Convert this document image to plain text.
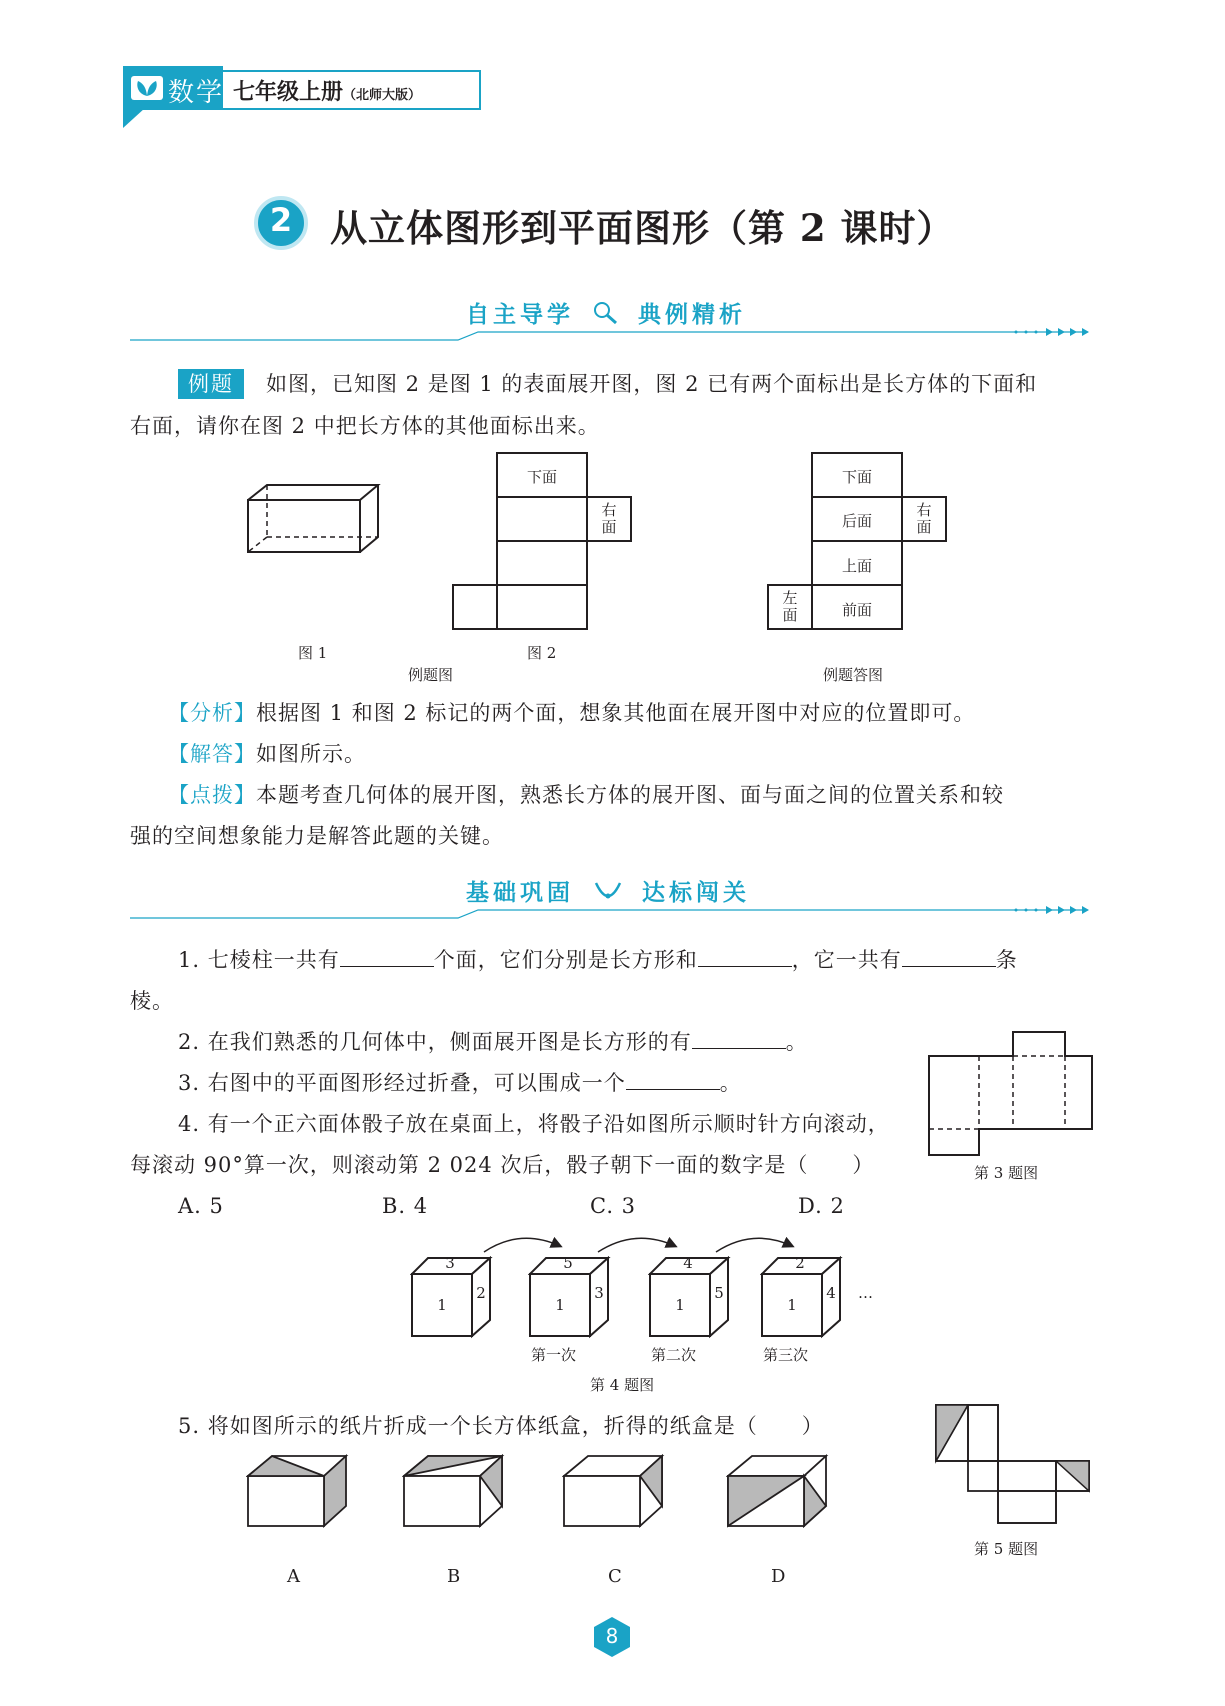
数学 七年级上册（北师大版）
2	从立体图形到平面图形（第 2 课时）
自主导学	典例精析
例题	如图，已知图 2 是图 1 的表面展开图，图 2 已有两个面标出是长方体的下面和
右面，请你在图 2 中把长方体的其他面标出来。
下面
右面
下面
后面
上面
前面
右面
左面
图 1	图 2
例题图	例题答图
【分析】根据图 1 和图 2 标记的两个面，想象其他面在展开图中对应的位置即可。
【解答】如图所示。
【点拨】本题考查几何体的展开图，熟悉长方体的展开图、面与面之间的位置关系和较
强的空间想象能力是解答此题的关键。
基础巩固	达标闯关
1. 七棱柱一共有	个面，它们分别是长方形和	，它一共有	条
棱。
2. 在我们熟悉的几何体中，侧面展开图是长方形的有	。
3. 右图中的平面图形经过折叠，可以围成一个	。
第 3 题图
4. 有一个正六面体骰子放在桌面上，将骰子沿如图所示顺时针方向滚动，
每滚动 90°算一次，则滚动第 2 024 次后，骰子朝下一面的数字是（　　）
A. 5	B. 4	C. 3	D. 2
3
1
2
5
1
3
4
1
5
2
1
4	…
第一次	第二次	第三次
第 4 题图
5. 将如图所示的纸片折成一个长方体纸盒，折得的纸盒是（　　）
第 5 题图
A	B	C	D
8
